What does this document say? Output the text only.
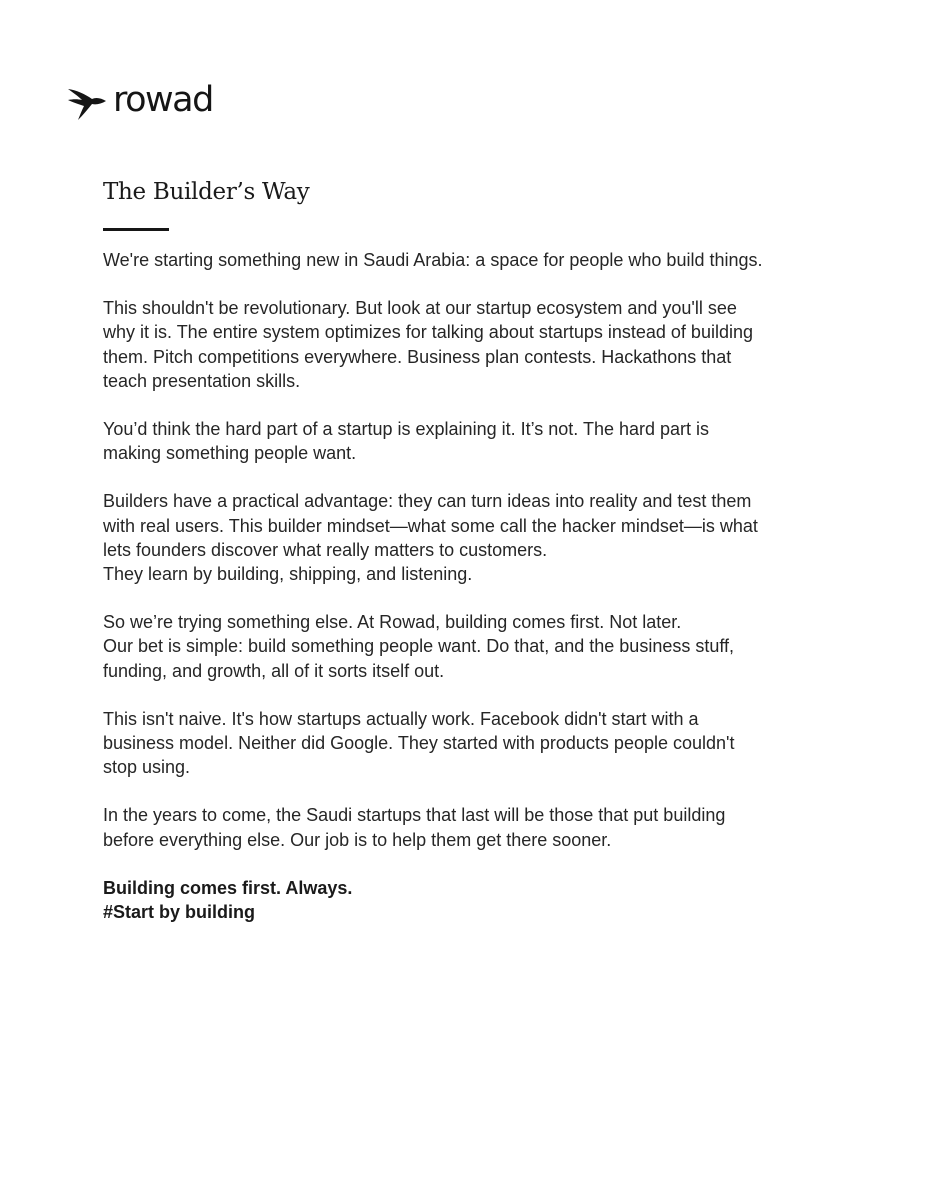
rowad
The Builder’s Way

We're starting something new in Saudi Arabia: a space for people who build things.

This shouldn't be revolutionary. But look at our startup ecosystem and you'll see
why it is. The entire system optimizes for talking about startups instead of building
them. Pitch competitions everywhere. Business plan contests. Hackathons that
teach presentation skills.

You’d think the hard part of a startup is explaining it. It’s not. The hard part is
making something people want.

Builders have a practical advantage: they can turn ideas into reality and test them
with real users. This builder mindset—what some call the hacker mindset—is what
lets founders discover what really matters to customers.
They learn by building, shipping, and listening.

So we’re trying something else. At Rowad, building comes first. Not later.
Our bet is simple: build something people want. Do that, and the business stuff,
funding, and growth, all of it sorts itself out.

This isn't naive. It's how startups actually work. Facebook didn't start with a
business model. Neither did Google. They started with products people couldn't
stop using.

In the years to come, the Saudi startups that last will be those that put building
before everything else. Our job is to help them get there sooner.

Building comes first. Always.
#Start by building
